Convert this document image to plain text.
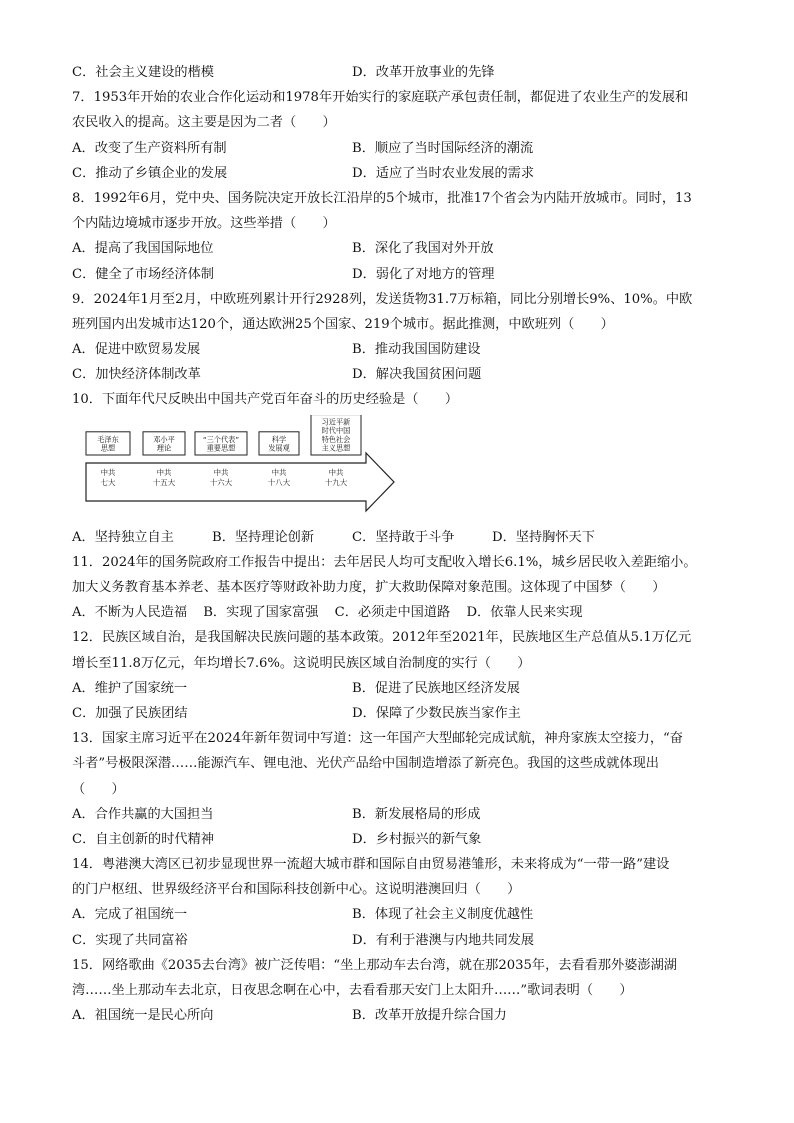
C．社会主义建设的楷模	D．改革开放事业的先锋
7．1953年开始的农业合作化运动和1978年开始实行的家庭联产承包责任制，都促进了农业生产的发展和
农民收入的提高。这主要是因为二者（　　）
A．改变了生产资料所有制	B．顺应了当时国际经济的潮流
C．推动了乡镇企业的发展	D．适应了当时农业发展的需求
8．1992年6月，党中央、国务院决定开放长江沿岸的5个城市，批准17个省会为内陆开放城市。同时，13
个内陆边境城市逐步开放。这些举措（　　）
A．提高了我国国际地位	B．深化了我国对外开放
C．健全了市场经济体制	D．弱化了对地方的管理
9．2024年1月至2月，中欧班列累计开行2928列，发送货物31.7万标箱，同比分别增长9%、10%。中欧
班列国内出发城市达120个，通达欧洲25个国家、219个城市。据此推测，中欧班列（　　）
A．促进中欧贸易发展	B．推动我国国防建设
C．加快经济体制改革	D．解决我国贫困问题
10．下面年代尺反映出中国共产党百年奋斗的历史经验是（　　）
毛泽东思想
邓小平理论
“三个代表”重要思想
科学发展观
习近平新时代中国特色社会主义思想
中共七大
中共十五大
中共十六大
中共十八大
中共十九大
A．坚持独立自主	B．坚持理论创新	C．坚持敢于斗争	D．坚持胸怀天下
11．2024年的国务院政府工作报告中提出：去年居民人均可支配收入增长6.1%，城乡居民收入差距缩小。
加大义务教育基本养老、基本医疗等财政补助力度，扩大救助保障对象范围。这体现了中国梦（　　）
A．不断为人民造福 B．实现了国家富强 C．必须走中国道路 D．依靠人民来实现
12．民族区域自治，是我国解决民族问题的基本政策。2012年至2021年，民族地区生产总值从5.1万亿元
增长至11.8万亿元，年均增长7.6%。这说明民族区域自治制度的实行（　　）
A．维护了国家统一	B．促进了民族地区经济发展
C．加强了民族团结	D．保障了少数民族当家作主
13．国家主席习近平在2024年新年贺词中写道：这一年国产大型邮轮完成试航，神舟家族太空接力，“奋
斗者”号极限深潜……能源汽车、锂电池、光伏产品给中国制造增添了新亮色。我国的这些成就体现出
（　　）
A．合作共赢的大国担当	B．新发展格局的形成
C．自主创新的时代精神	D．乡村振兴的新气象
14．粤港澳大湾区已初步显现世界一流超大城市群和国际自由贸易港雏形，未来将成为“一带一路”建设
的门户枢纽、世界级经济平台和国际科技创新中心。这说明港澳回归（　　）
A．完成了祖国统一	B．体现了社会主义制度优越性
C．实现了共同富裕	D．有利于港澳与内地共同发展
15．网络歌曲《2035去台湾》被广泛传唱：“坐上那动车去台湾，就在那2035年，去看看那外婆澎湖湖
湾……坐上那动车去北京，日夜思念啊在心中，去看看那天安门上太阳升……”歌词表明（　　）
A．祖国统一是民心所向	B．改革开放提升综合国力
